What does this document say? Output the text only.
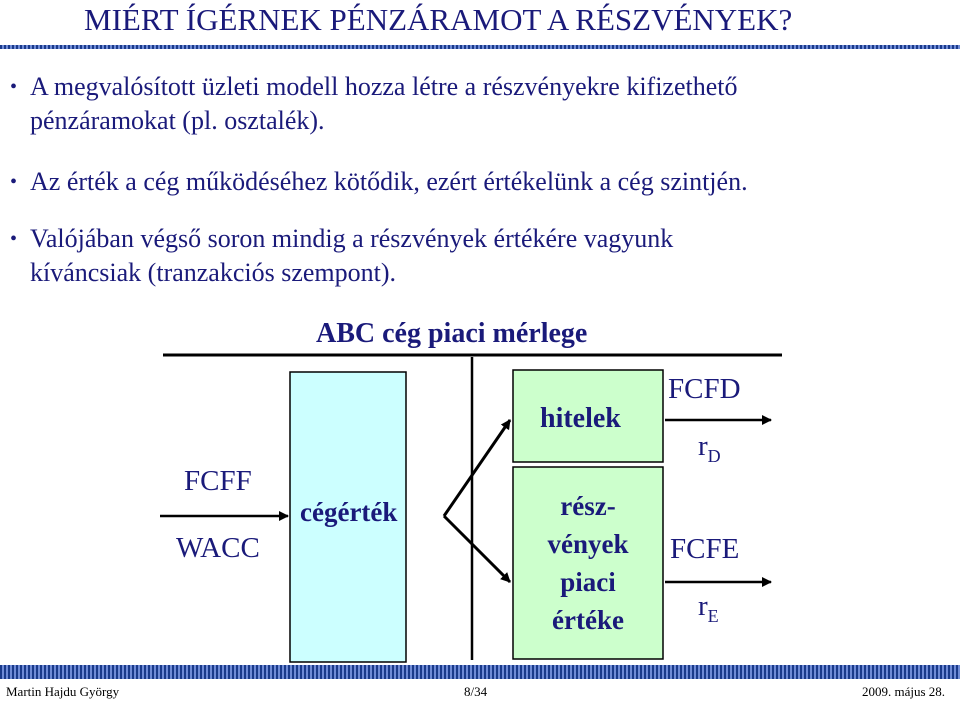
MIÉRT ÍGÉRNEK PÉNZÁRAMOT A RÉSZVÉNYEK?
• A megvalósított üzleti modell hozza létre a részvényekre kifizethető
pénzáramokat (pl. osztalék).
• Az érték a cég működéséhez kötődik, ezért értékelünk a cég szintjén.
• Valójában végső soron mindig a részvények értékére vagyunk
kíváncsiak (tranzakciós szempont).
ABC cég piaci mérlege
FCFF
WACC
cégérték
hitelek
rész-
vények
piaci
értéke
FCFD
$r_D$
FCFE
$r_E$
Martin Hajdu György	8/34	2009. május 28.
